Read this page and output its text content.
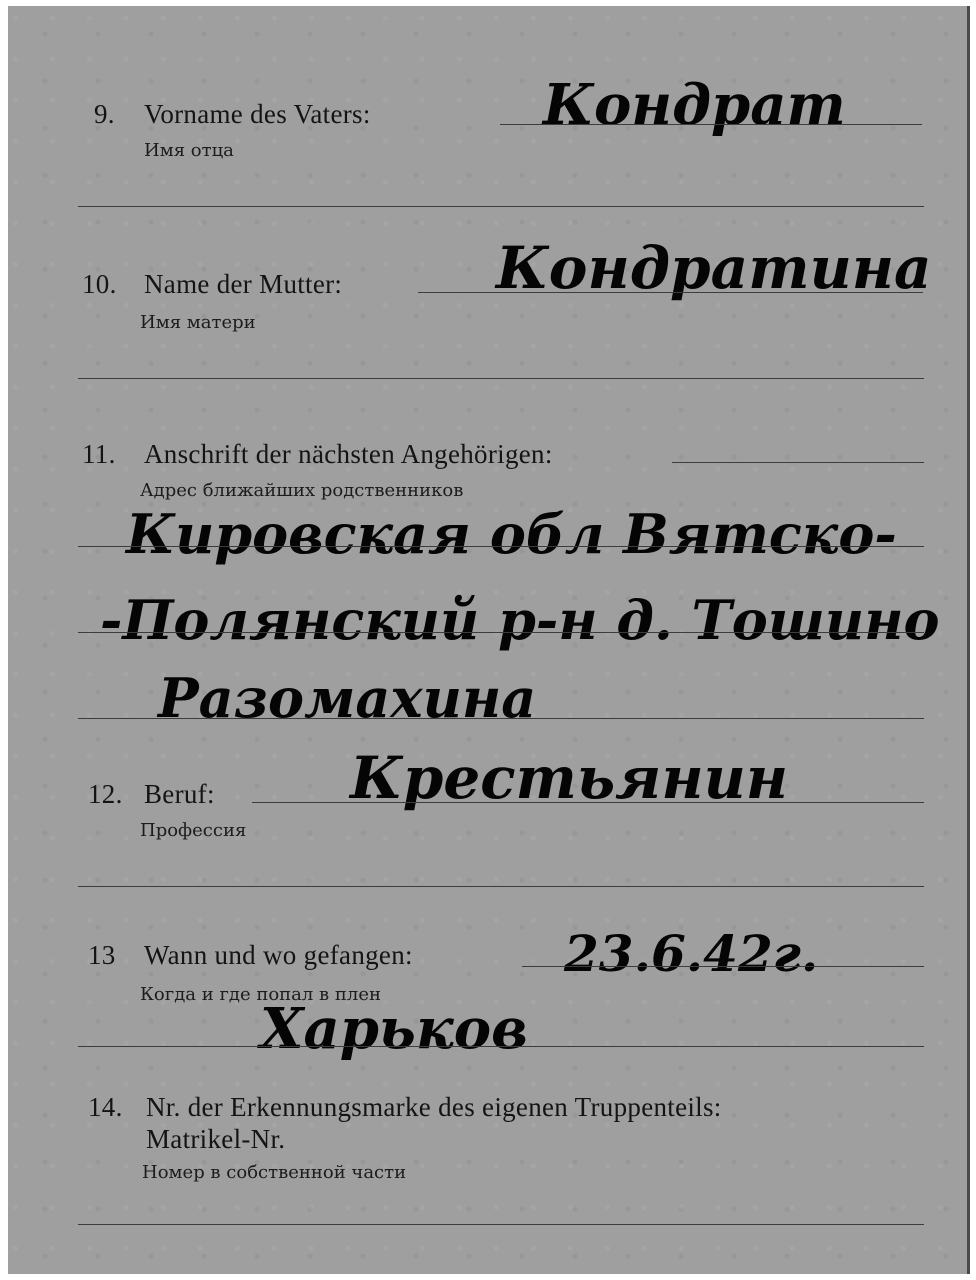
9. Vorname des Vaters:
Имя отца
Кондрат
10. Name der Mutter:
Имя матери
Кондратина
11. Anschrift der nächsten Angehörigen:
Адрес ближайших родственников
Кировская обл Вятско-
-Полянский р-н д. Тошино
Разомахина
12. Beruf:
Профессия
Крестьянин
13 Wann und wo gefangen:
Когда и где попал в плен
23.6.42г.
Харьков
14. Nr. der Erkennungsmarke des eigenen Truppenteils:
Matrikel-Nr.
Номер в собственной части
